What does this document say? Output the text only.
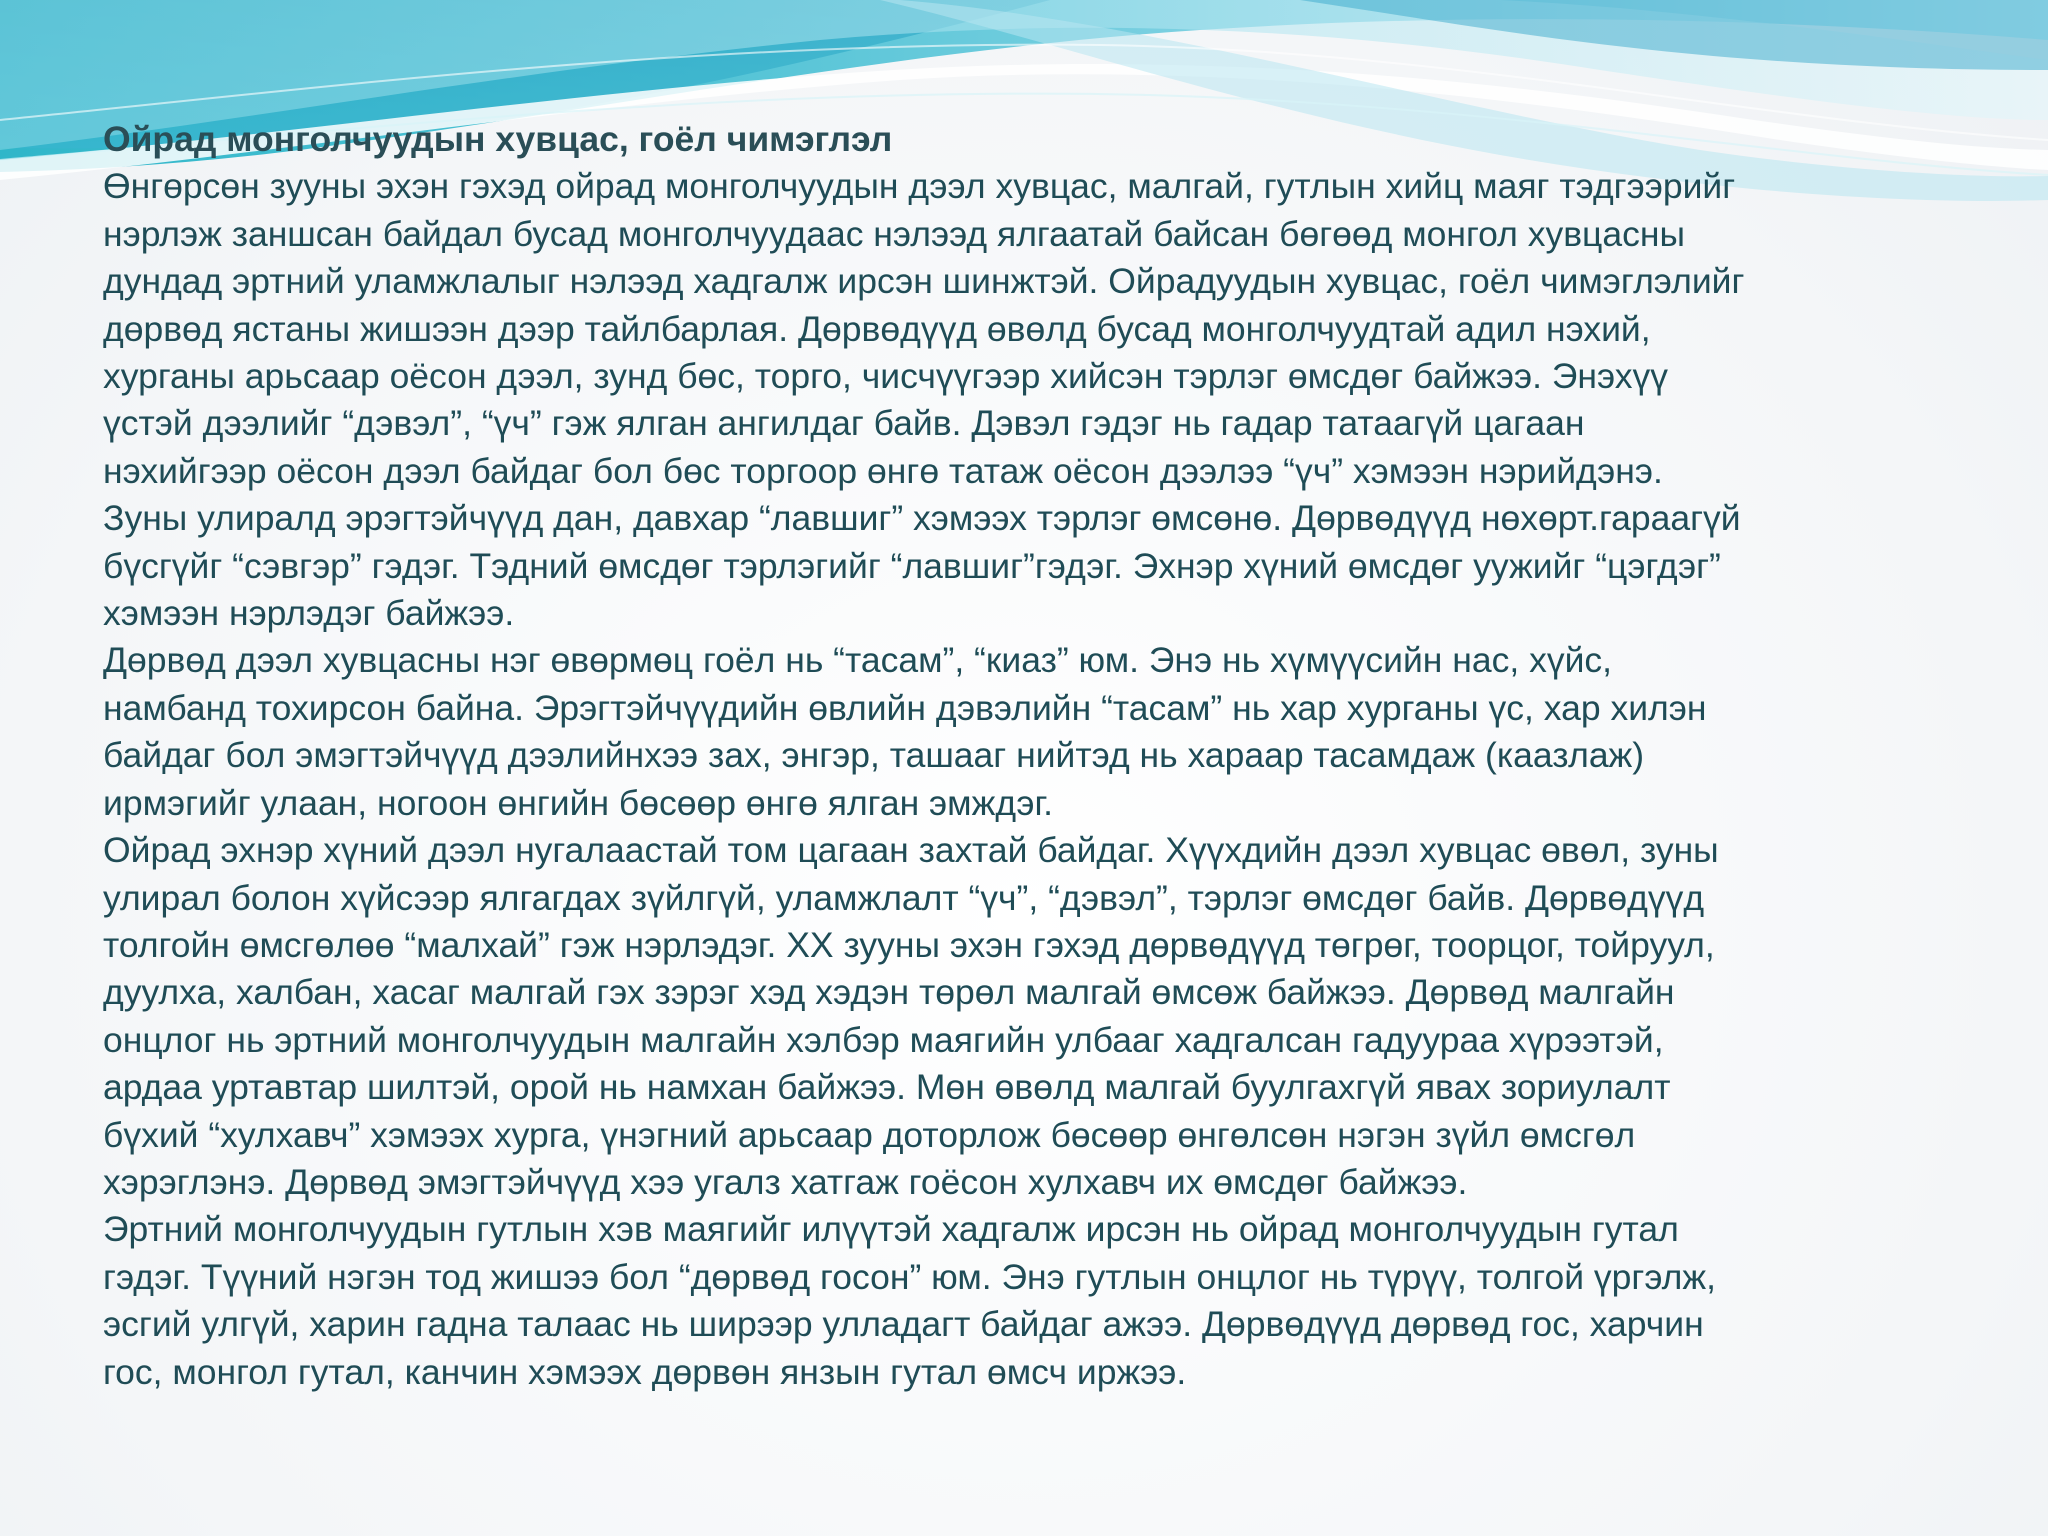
Ойрад монголчуудын хувцас, гоёл чимэглэл
Өнгөрсөн зууны эхэн гэхэд ойрад монголчуудын дээл хувцас, малгай, гутлын хийц маяг тэдгээрийг
нэрлэж заншсан байдал бусад монголчуудаас нэлээд ялгаатай байсан бөгөөд монгол хувцасны
дундад эртний уламжлалыг нэлээд хадгалж ирсэн шинжтэй. Ойрадуудын хувцас, гоёл чимэглэлийг
дөрвөд ястаны жишээн дээр тайлбарлая. Дөрвөдүүд өвөлд бусад монголчуудтай адил нэхий,
хурганы арьсаар оёсон дээл, зунд бөс, торго, чисчүүгээр хийсэн тэрлэг өмсдөг байжээ. Энэхүү
үстэй дээлийг “дэвэл”, “үч” гэж ялган ангилдаг байв. Дэвэл гэдэг нь гадар татаагүй цагаан
нэхийгээр оёсон дээл байдаг бол бөс торгоор өнгө татаж оёсон дээлээ “үч” хэмээн нэрийдэнэ.
Зуны улиралд эрэгтэйчүүд дан, давхар “лавшиг” хэмээх тэрлэг өмсөнө. Дөрвөдүүд нөхөрт.гараагүй
бүсгүйг “сэвгэр” гэдэг. Тэдний өмсдөг тэрлэгийг “лавшиг”гэдэг. Эхнэр хүний өмсдөг уужийг “цэгдэг”
хэмээн нэрлэдэг байжээ.
Дөрвөд дээл хувцасны нэг өвөрмөц гоёл нь “тасам”, “киаз” юм. Энэ нь хүмүүсийн нас, хүйс,
намбанд тохирсон байна. Эрэгтэйчүүдийн өвлийн дэвэлийн “тасам” нь хар хурганы үс, хар хилэн
байдаг бол эмэгтэйчүүд дээлийнхээ зах, энгэр, ташааг нийтэд нь хараар тасамдаж (каазлаж)
ирмэгийг улаан, ногоон өнгийн бөсөөр өнгө ялган эмждэг.
Ойрад эхнэр хүний дээл нугалаастай том цагаан захтай байдаг. Хүүхдийн дээл хувцас өвөл, зуны
улирал болон хүйсээр ялгагдах зүйлгүй, уламжлалт “үч”, “дэвэл”, тэрлэг өмсдөг байв. Дөрвөдүүд
толгойн өмсгөлөө “малхай” гэж нэрлэдэг. XX зууны эхэн гэхэд дөрвөдүүд төгрөг, тоорцог, тойруул,
дуулха, халбан, хасаг малгай гэх зэрэг хэд хэдэн төрөл малгай өмсөж байжээ. Дөрвөд малгайн
онцлог нь эртний монголчуудын малгайн хэлбэр маягийн улбааг хадгалсан гадуураа хүрээтэй,
ардаа уртавтар шилтэй, орой нь намхан байжээ. Мөн өвөлд малгай буулгахгүй явах зориулалт
бүхий “хулхавч” хэмээх хурга, үнэгний арьсаар доторлож бөсөөр өнгөлсөн нэгэн зүйл өмсгөл
хэрэглэнэ. Дөрвөд эмэгтэйчүүд хээ угалз хатгаж гоёсон хулхавч их өмсдөг байжээ.
Эртний монголчуудын гутлын хэв маягийг илүүтэй хадгалж ирсэн нь ойрад монголчуудын гутал
гэдэг. Түүний нэгэн тод жишээ бол “дөрвөд госон” юм. Энэ гутлын онцлог нь түрүү, толгой үргэлж,
эсгий улгүй, харин гадна талаас нь ширээр улладагт байдаг ажээ. Дөрвөдүүд дөрвөд гос, харчин
гос, монгол гутал, канчин хэмээх дөрвөн янзын гутал өмсч иржээ.
